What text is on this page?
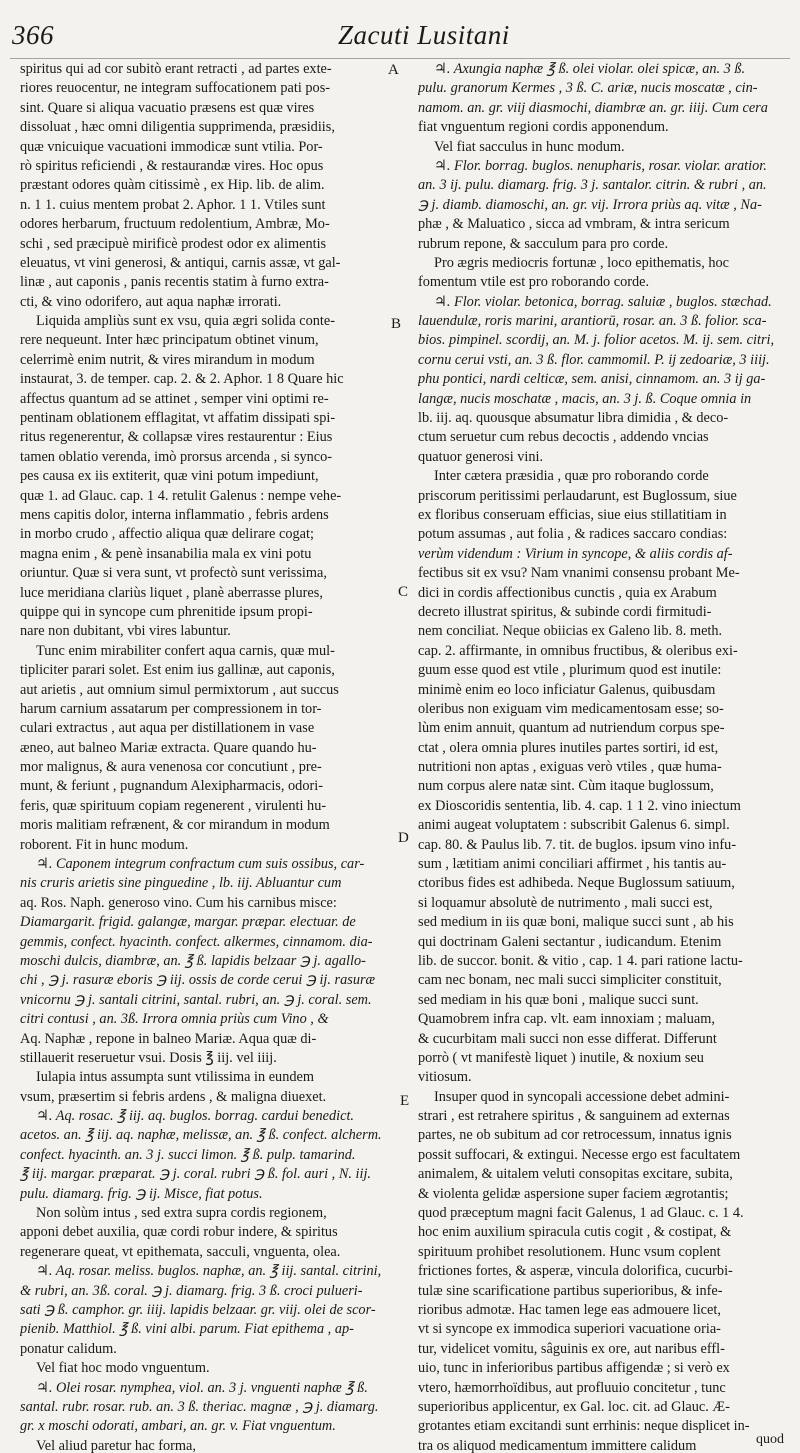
366	Zacuti Lusitani
spiritus qui ad cor subitò erant retracti , ad partes exte-
riores reuocentur, ne integram suffocationem pati pos-
sint. Quare si aliqua vacuatio præsens est quæ vires
dissoluat , hæc omni diligentia supprimenda, præsidiis,
quæ vnicuique vacuationi immodicæ sunt vtilia. Por-
rò spiritus reficiendi , & restaurandæ vires. Hoc opus
præstant odores quàm citissimè , ex Hip. lib. de alim.
n. 1 1. cuius mentem probat 2. Aphor. 1 1. Vtiles sunt
odores herbarum, fructuum redolentium, Ambræ, Mo-
schi , sed præcipuè mirificè prodest odor ex alimentis
eleuatus, vt vini generosi, & antiqui, carnis assæ, vt gal-
linæ , aut caponis , panis recentis statim à furno extra-
cti, & vino odorifero, aut aqua naphæ irrorati.
Liquida ampliùs sunt ex vsu, quia ægri solida conte-
rere nequeunt. Inter hæc principatum obtinet vinum,
celerrimè enim nutrit, & vires mirandum in modum
instaurat, 3. de temper. cap. 2. & 2. Aphor. 1 8 Quare hic
affectus quantum ad se attinet , semper vini optimi re-
pentinam oblationem efflagitat, vt affatim dissipati spi-
ritus regenerentur, & collapsæ vires restaurentur : Eius
tamen oblatio verenda, imò prorsus arcenda , si synco-
pes causa ex iis extiterit, quæ vini potum impediunt,
quæ 1. ad Glauc. cap. 1 4. retulit Galenus : nempe vehe-
mens capitis dolor, interna inflammatio , febris ardens
in morbo crudo , affectio aliqua quæ delirare cogat;
magna enim , & penè insanabilia mala ex vini potu
oriuntur. Quæ si vera sunt, vt profectò sunt verissima,
luce meridiana clariùs liquet , planè aberrasse plures,
quippe qui in syncope cum phrenitide ipsum propi-
nare non dubitant, vbi vires labuntur.
Tunc enim mirabiliter confert aqua carnis, quæ mul-
tipliciter parari solet. Est enim ius gallinæ, aut caponis,
aut arietis , aut omnium simul permixtorum , aut succus
harum carnium assatarum per compressionem in tor-
culari extractus , aut aqua per distillationem in vase
æneo, aut balneo Mariæ extracta. Quare quando hu-
mor malignus, & aura venenosa cor concutiunt , pre-
munt, & feriunt , pugnandum Alexipharmacis, odori-
feris, quæ spirituum copiam regenerent , virulenti hu-
moris malitiam refrænent, & cor mirandum in modum
roborent. Fit in hunc modum.
♃. Caponem integrum confractum cum suis ossibus, car-
nis cruris arietis sine pinguedine , lb. iij. Abluantur cum
aq. Ros. Naph. generoso vino. Cum his carnibus misce:
Diamargarit. frigid. galangæ, margar. præpar. electuar. de
gemmis, confect. hyacinth. confect. alkermes, cinnamom. dia-
moschi dulcis, diambræ, an. ℥ ß. lapidis belzaar ℈ j. agallo-
chi , ℈ j. rasuræ eboris ℈ iij. ossis de corde cerui ℈ ij. rasuræ
vnicornu ℈ j. santali citrini, santal. rubri, an. ℈ j. coral. sem.
citri contusi , an. 3ß. Irrora omnia priùs cum Vino , &
Aq. Naphæ , repone in balneo Mariæ. Aqua quæ di-
stillauerit reseruetur vsui. Dosis ℥ iij. vel iiij.
Iulapia intus assumpta sunt vtilissima in eundem
vsum, præsertim si febris ardens , & maligna diuexet.
♃. Aq. rosac. ℥ iij. aq. buglos. borrag. cardui benedict.
acetos. an. ℥ iij. aq. naphæ, melissæ, an. ℥ ß. confect. alcherm.
confect. hyacinth. an. 3 j. succi limon. ℥ ß. pulp. tamarind.
℥ iij. margar. præparat. ℈ j. coral. rubri ℈ ß. fol. auri , N. iij.
pulu. diamarg. frig. ℈ ij. Misce, fiat potus.
Non solùm intus , sed extra supra cordis regionem,
apponi debet auxilia, quæ cordi robur indere, & spiritus
regenerare queat, vt epithemata, sacculi, vnguenta, olea.
♃. Aq. rosar. meliss. buglos. naphæ, an. ℥ iij. santal. citrini,
& rubri, an. 3ß. coral. ℈ j. diamarg. frig. 3 ß. croci pulueri-
sati ℈ ß. camphor. gr. iiij. lapidis belzaar. gr. viij. olei de scor-
pienib. Matthiol. ℥ ß. vini albi. parum. Fiat epithema , ap-
ponatur calidum.
Vel fiat hoc modo vnguentum.
♃. Olei rosar. nymphea, viol. an. 3 j. vnguenti naphæ ℥ ß.
santal. rubr. rosar. rub. an. 3 ß. theriac. magnæ , ℈ j. diamarg.
gr. x moschi odorati, ambari, an. gr. v. Fiat vnguentum.
Vel aliud paretur hac forma,
♃. Axungia naphæ ℥ ß. olei violar. olei spicæ, an. 3 ß.
pulu. granorum Kermes , 3 ß. C. ariæ, nucis moscatæ , cin-
namom. an. gr. viij diasmochi, diambræ an. gr. iiij. Cum cera
fiat vnguentum regioni cordis apponendum.
Vel fiat sacculus in hunc modum.
♃. Flor. borrag. buglos. nenupharis, rosar. violar. aratior.
an. 3 ij. pulu. diamarg. frig. 3 j. santalor. citrin. & rubri , an.
℈ j. diamb. diamoschi, an. gr. vij. Irrora priùs aq. vitæ , Na-
phæ , & Maluatico , sicca ad vmbram, & intra sericum
rubrum repone, & sacculum para pro corde.
Pro ægris mediocris fortunæ , loco epithematis, hoc
fomentum vtile est pro roborando corde.
♃. Flor. violar. betonica, borrag. saluiæ , buglos. stæchad.
lauendulæ, roris marini, arantiorū, rosar. an. 3 ß. folior. sca-
bios. pimpinel. scordij, an. M. j. folior acetos. M. ij. sem. citri,
cornu cerui vsti, an. 3 ß. flor. cammomil. P. ij zedoariæ, 3 iiij.
phu pontici, nardi celticæ, sem. anisi, cinnamom. an. 3 ij ga-
langæ, nucis moschatæ , macis, an. 3 j. ß. Coque omnia in
lb. iij. aq. quousque absumatur libra dimidia , & deco-
ctum seruetur cum rebus decoctis , addendo vncias
quatuor generosi vini.
Inter cætera præsidia , quæ pro roborando corde
priscorum peritissimi perlaudarunt, est Buglossum, siue
ex floribus conseruam efficias, siue eius stillatitiam in
potum assumas , aut folia , & radices saccaro condias:
verùm videndum : Virium in syncope, & aliis cordis af-
fectibus sit ex vsu? Nam vnanimi consensu probant Me-
dici in cordis affectionibus cunctis , quia ex Arabum
decreto illustrat spiritus, & subinde cordi firmitudi-
nem conciliat. Neque obiicias ex Galeno lib. 8. meth.
cap. 2. affirmante, in omnibus fructibus, & oleribus exi-
guum esse quod est vtile , plurimum quod est inutile:
minimè enim eo loco inficiatur Galenus, quibusdam
oleribus non exiguam vim medicamentosam esse; so-
lùm enim annuit, quantum ad nutriendum corpus spe-
ctat , olera omnia plures inutiles partes sortiri, id est,
nutritioni non aptas , exiguas verò vtiles , quæ huma-
num corpus alere natæ sint. Cùm itaque buglossum,
ex Dioscoridis sententia, lib. 4. cap. 1 1 2. vino iniectum
animi augeat voluptatem : subscribit Galenus 6. simpl.
cap. 80. & Paulus lib. 7. tit. de buglos. ipsum vino infu-
sum , lætitiam animi conciliari affirmet , his tantis au-
ctoribus fides est adhibeda. Neque Buglossum satiuum,
si loquamur absolutè de nutrimento , mali succi est,
sed medium in iis quæ boni, malique succi sunt , ab his
qui doctrinam Galeni sectantur , iudicandum. Etenim
lib. de succor. bonit. & vitio , cap. 1 4. pari ratione lactu-
cam nec bonam, nec mali succi simpliciter constituit,
sed mediam in his quæ boni , malique succi sunt.
Quamobrem infra cap. vlt. eam innoxiam ; maluam,
& cucurbitam mali succi non esse differat. Differunt
porrò ( vt manifestè liquet ) inutile, & noxium seu
vitiosum.
Insuper quod in syncopali accessione debet admini-
strari , est retrahere spiritus , & sanguinem ad externas
partes, ne ob subitum ad cor retrocessum, innatus ignis
possit suffocari, & extingui. Necesse ergo est facultatem
animalem, & uitalem veluti consopitas excitare, subita,
& violenta gelidæ aspersione super faciem ægrotantis;
quod præceptum magni facit Galenus, 1 ad Glauc. c. 1 4.
hoc enim auxilium spiracula cutis cogit , & costipat, &
spirituum prohibet resolutionem. Hunc vsum coplent
frictiones fortes, & asperæ, vincula dolorifica, cucurbi-
tulæ sine scarificatione partibus superioribus, & infe-
rioribus admotæ. Hac tamen lege eas admouere licet,
vt si syncope ex immodica superiori vacuatione oria-
tur, videlicet vomitu, sâguinis ex ore, aut naribus effl-
uio, tunc in inferioribus partibus affigendæ ; si verò ex
vtero, hæmorrhoïdibus, aut profluuio concitetur , tunc
superioribus applicentur, ex Gal. loc. cit. ad Glauc. Æ-
grotantes etiam excitandi sunt errhinis: neque displicet in-
tra os aliquod medicamentum immittere calidum
A
B
C
D
E
quod
